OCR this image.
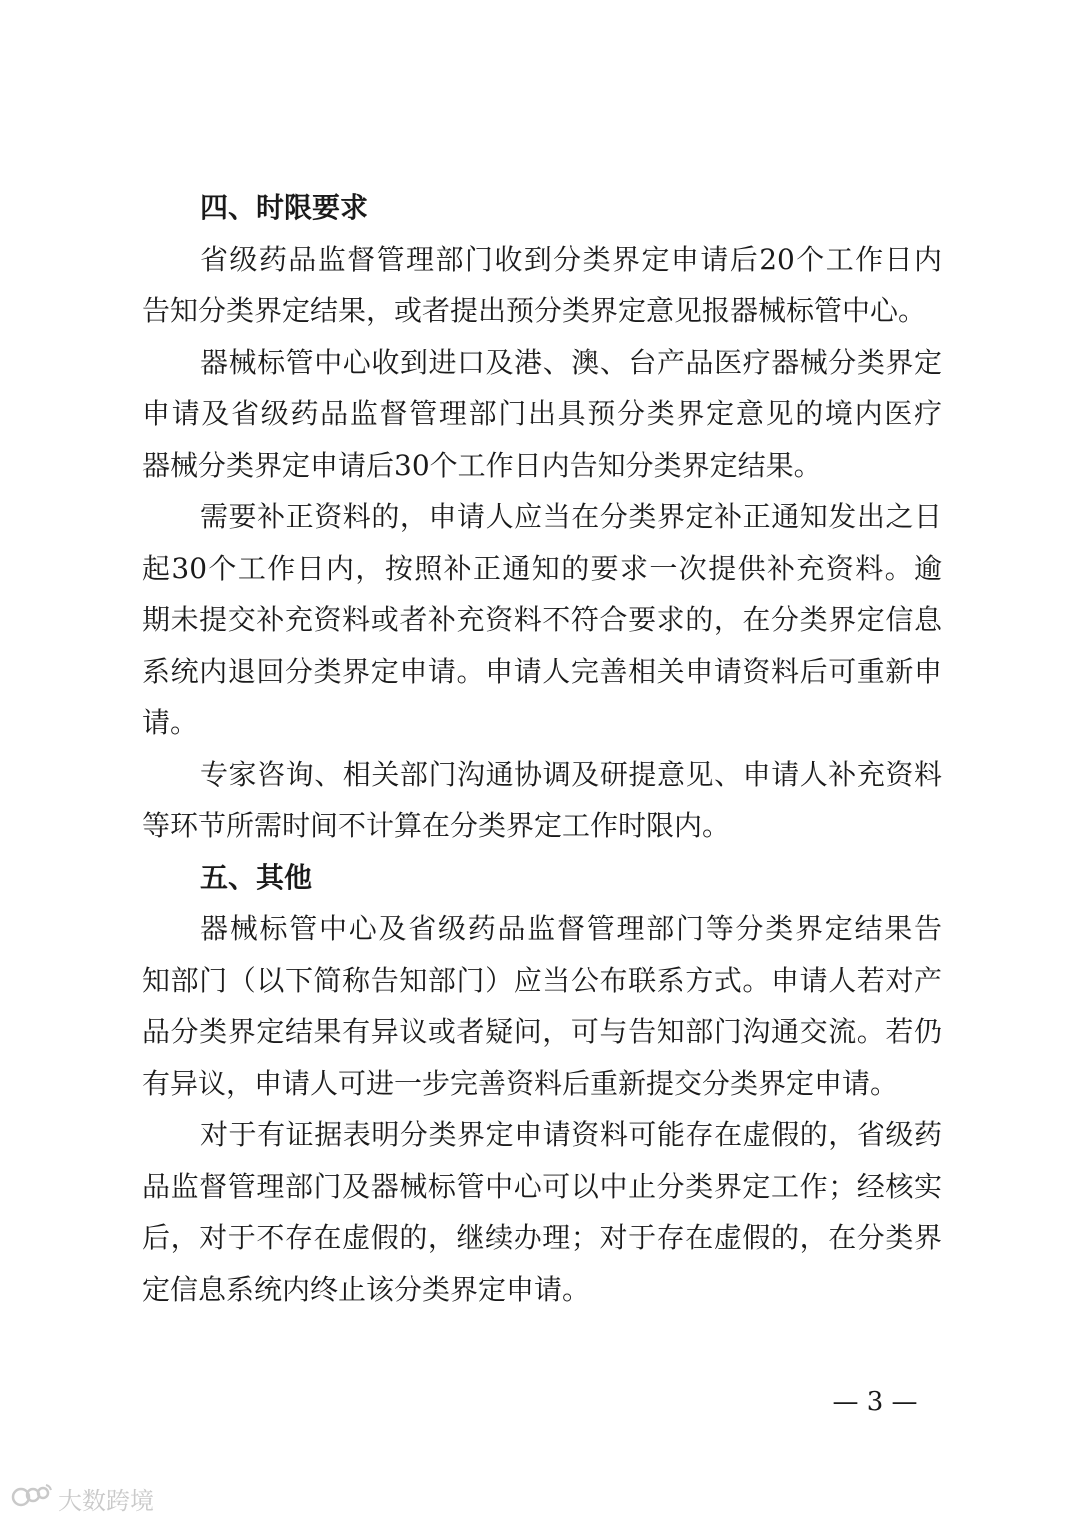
四、时限要求
省级药品监督管理部门收到分类界定申请后20个工作日内
告知分类界定结果，或者提出预分类界定意见报器械标管中心。
器械标管中心收到进口及港、澳、台产品医疗器械分类界定
申请及省级药品监督管理部门出具预分类界定意见的境内医疗
器械分类界定申请后30个工作日内告知分类界定结果。
需要补正资料的，申请人应当在分类界定补正通知发出之日
起30个工作日内，按照补正通知的要求一次提供补充资料。逾
期未提交补充资料或者补充资料不符合要求的，在分类界定信息
系统内退回分类界定申请。申请人完善相关申请资料后可重新申
请。
专家咨询、相关部门沟通协调及研提意见、申请人补充资料
等环节所需时间不计算在分类界定工作时限内。
五、其他
器械标管中心及省级药品监督管理部门等分类界定结果告
知部门（以下简称告知部门）应当公布联系方式。申请人若对产
品分类界定结果有异议或者疑问，可与告知部门沟通交流。若仍
有异议，申请人可进一步完善资料后重新提交分类界定申请。
对于有证据表明分类界定申请资料可能存在虚假的，省级药
品监督管理部门及器械标管中心可以中止分类界定工作；经核实
后，对于不存在虚假的，继续办理；对于存在虚假的，在分类界
定信息系统内终止该分类界定申请。
— 3 —
大数跨境
